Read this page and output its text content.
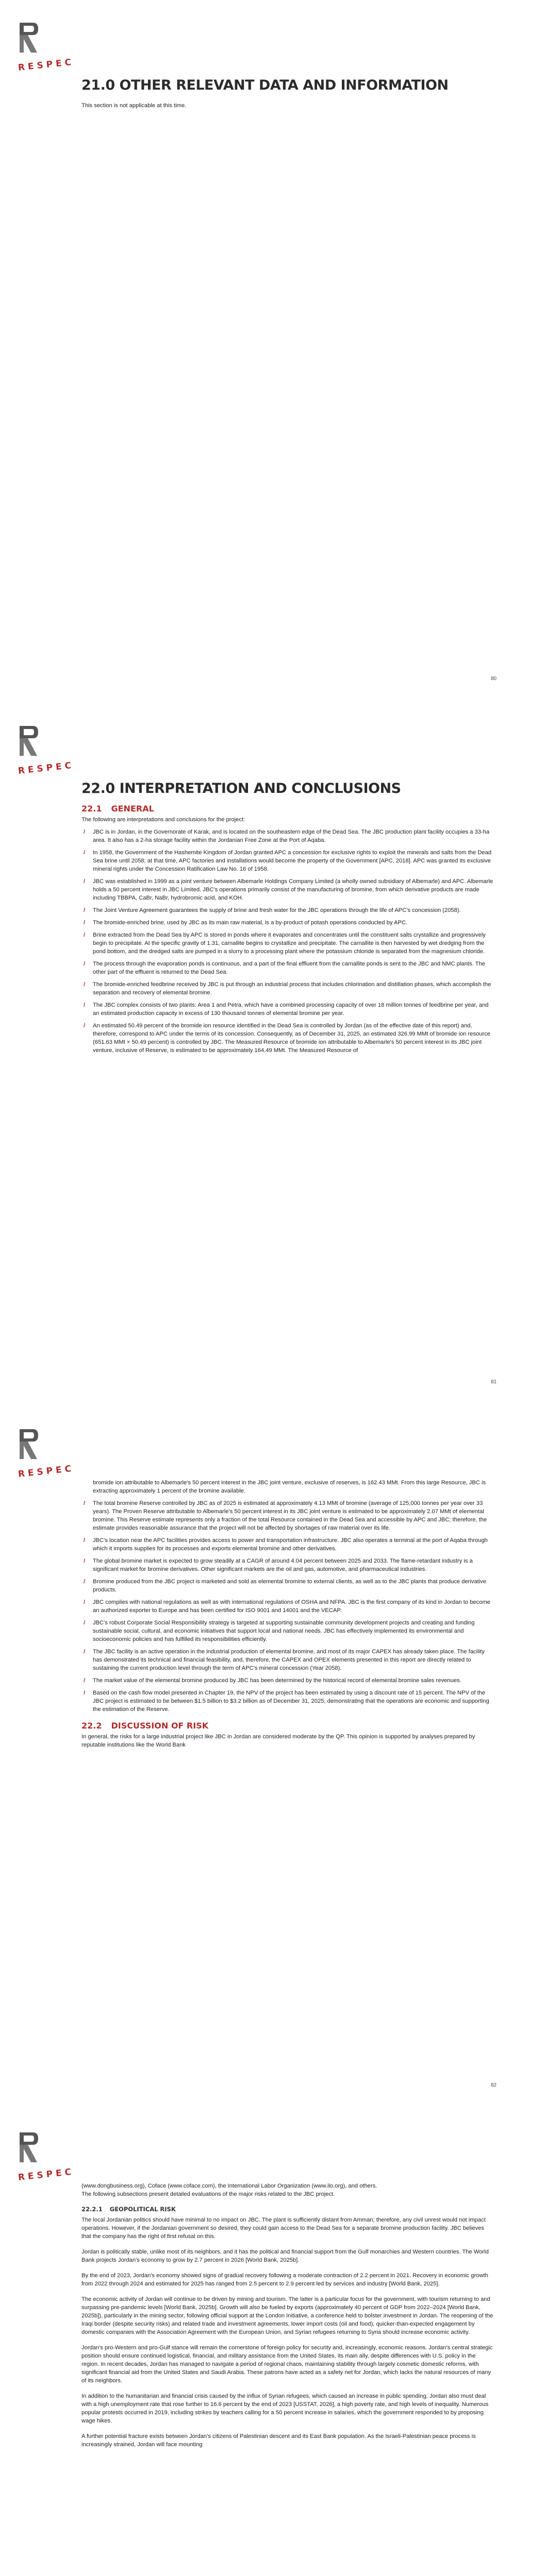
RESPEC
21.0 OTHER RELEVANT DATA AND INFORMATION

This section is not applicable at this time.

80
RESPEC
22.0 INTERPRETATION AND CONCLUSIONS
22.1 GENERAL

The following are interpretations and conclusions for the project:

/ JBC is in Jordan, in the Governorate of Karak, and is located on the southeastern edge of the Dead Sea. The JBC production plant facility occupies a 33-ha area. It also has a 2-ha storage facility within the Jordanian Free Zone at the Port of Aqaba.
/ In 1958, the Government of the Hashemite Kingdom of Jordan granted APC a concession for exclusive rights to exploit the minerals and salts from the Dead Sea brine until 2058; at that time, APC factories and installations would become the property of the Government [APC, 2018]. APC was granted its exclusive mineral rights under the Concession Ratification Law No. 16 of 1958.
/ JBC was established in 1999 as a joint venture between Albemarle Holdings Company Limited (a wholly owned subsidiary of Albemarle) and APC. Albemarle holds a 50 percent interest in JBC Limited. JBC's operations primarily consist of the manufacturing of bromine, from which derivative products are made including TBBPA, CaBr, NaBr, hydrobromic acid, and KOH.
/ The Joint Venture Agreement guarantees the supply of brine and fresh water for the JBC operations through the life of APC's concession (2058).
/ The bromide-enriched brine, used by JBC as its main raw material, is a by-product of potash operations conducted by APC.
/ Brine extracted from the Dead Sea by APC is stored in ponds where it evaporates and concentrates until the constituent salts crystallize and progressively begin to precipitate. At the specific gravity of 1.31, carnallite begins to crystallize and precipitate. The carnallite is then harvested by wet dredging from the pond bottom, and the dredged salts are pumped in a slurry to a processing plant where the potassium chloride is separated from the magnesium chloride.
/ The process through the evaporation ponds is continuous, and a part of the final effluent from the carnallite ponds is sent to the JBC and NMC plants. The other part of the effluent is returned to the Dead Sea.
/ The bromide-enriched feedbrine received by JBC is put through an industrial process that includes chlorination and distillation phases, which accomplish the separation and recovery of elemental bromine.
/ The JBC complex consists of two plants: Area 1 and Petra, which have a combined processing capacity of over 18 million tonnes of feedbrine per year, and an estimated production capacity in excess of 130 thousand tonnes of elemental bromine per year.
/ An estimated 50.49 percent of the bromide ion resource identified in the Dead Sea is controlled by Jordan (as of the effective date of this report) and, therefore, correspond to APC under the terms of its concession. Consequently, as of December 31, 2025, an estimated 326.99 MMt of bromide ion resource (651.63 MMt × 50.49 percent) is controlled by JBC. The Measured Resource of bromide ion attributable to Albemarle's 50 percent interest in its JBC joint venture, inclusive of Reserve, is estimated to be approximately 164.49 MMt. The Measured Resource of
81
RESPEC

bromide ion attributable to Albemarle's 50 percent interest in the JBC joint venture, exclusive of reserves, is 162.43 MMt. From this large Resource, JBC is extracting approximately 1 percent of the bromine available.

/ The total bromine Reserve controlled by JBC as of 2025 is estimated at approximately 4.13 MMt of bromine (average of 125,000 tonnes per year over 33 years). The Proven Reserve attributable to Albemarle's 50 percent interest in its JBC joint venture is estimated to be approximately 2.07 MMt of elemental bromine. This Reserve estimate represents only a fraction of the total Resource contained in the Dead Sea and accessible by APC and JBC; therefore, the estimate provides reasonable assurance that the project will not be affected by shortages of raw material over its life.
/ JBC's location near the APC facilities provides access to power and transportation infrastructure. JBC also operates a terminal at the port of Aqaba through which it imports supplies for its processes and exports elemental bromine and other derivatives.
/ The global bromine market is expected to grow steadily at a CAGR of around 4.04 percent between 2025 and 2033. The flame-retardant industry is a significant market for bromine derivatives. Other significant markets are the oil and gas, automotive, and pharmaceutical industries.
/ Bromine produced from the JBC project is marketed and sold as elemental bromine to external clients, as well as to the JBC plants that produce derivative products.
/ JBC complies with national regulations as well as with international regulations of OSHA and NFPA. JBC is the first company of its kind in Jordan to become an authorized exporter to Europe and has been certified for ISO 9001 and 14001 and the VECAP.
/ JBC's robust Corporate Social Responsibility strategy is targeted at supporting sustainable community development projects and creating and funding sustainable social, cultural, and economic initiatives that support local and national needs. JBC has effectively implemented its environmental and socioeconomic policies and has fulfilled its responsibilities efficiently.
/ The JBC facility is an active operation in the industrial production of elemental bromine, and most of its major CAPEX has already taken place. The facility has demonstrated its technical and financial feasibility, and, therefore, the CAPEX and OPEX elements presented in this report are directly related to sustaining the current production level through the term of APC's mineral concession (Year 2058).
/ The market value of the elemental bromine produced by JBC has been determined by the historical record of elemental bromine sales revenues.
/ Based on the cash flow model presented in Chapter 19, the NPV of the project has been estimated by using a discount rate of 15 percent. The NPV of the JBC project is estimated to be between $1.5 billion to $3.2 billion as of December 31, 2025, demonstrating that the operations are economic and supporting the estimation of the Reserve.
22.2 DISCUSSION OF RISK

In general, the risks for a large industrial project like JBC in Jordan are considered moderate by the QP. This opinion is supported by analyses prepared by reputable institutions like the World Bank

82
RESPEC

(www.dongbusiness.org), Coface (www.coface.com), the International Labor Organization (www.ilo.org), and others.

The following subsections present detailed evaluations of the major risks related to the JBC project.

22.2.1 GEOPOLITICAL RISK

The local Jordanian politics should have minimal to no impact on JBC. The plant is sufficiently distant from Amman; therefore, any civil unrest would not impact operations. However, if the Jordanian government so desired, they could gain access to the Dead Sea for a separate bromine production facility. JBC believes that the company has the right of first refusal on this.

Jordan is politically stable, unlike most of its neighbors, and it has the political and financial support from the Gulf monarchies and Western countries. The World Bank projects Jordan's economy to grow by 2.7 percent in 2026 [World Bank, 2025b].

By the end of 2023, Jordan's economy showed signs of gradual recovery following a moderate contraction of 2.2 percent in 2021. Recovery in economic growth from 2022 through 2024 and estimated for 2025 has ranged from 2.5 percent to 2.9 percent led by services and industry [World Bank, 2025].

The economic activity of Jordan will continue to be driven by mining and tourism. The latter is a particular focus for the government, with tourism returning to and surpassing pre-pandemic levels [World Bank, 2025b]. Growth will also be fueled by exports (approximately 40 percent of GDP from 2022–2024 [World Bank, 2025b]), particularly in the mining sector, following official support at the London Initiative, a conference held to bolster investment in Jordan. The reopening of the Iraqi border (despite security risks) and related trade and investment agreements, lower import costs (oil and food), quicker-than-expected engagement by domestic companies with the Association Agreement with the European Union, and Syrian refugees returning to Syria should increase economic activity.

Jordan's pro-Western and pro-Gulf stance will remain the cornerstone of foreign policy for security and, increasingly, economic reasons. Jordan's central strategic position should ensure continued logistical, financial, and military assistance from the United States, its main ally, despite differences with U.S. policy in the region. In recent decades, Jordan has managed to navigate a period of regional chaos, maintaining stability through largely cosmetic domestic reforms, with significant financial aid from the United States and Saudi Arabia. These patrons have acted as a safety net for Jordan, which lacks the natural resources of many of its neighbors.

In addition to the humanitarian and financial crisis caused by the influx of Syrian refugees, which caused an increase in public spending, Jordan also must deal with a high unemployment rate that rose further to 16.6 percent by the end of 2023 [USSTAT, 2026], a high poverty rate, and high levels of inequality. Numerous popular protests occurred in 2019, including strikes by teachers calling for a 50 percent increase in salaries, which the government responded to by proposing wage hikes.

A further potential fracture exists between Jordan's citizens of Palestinian descent and its East Bank population. As the Israeli-Palestinian peace process is increasingly strained, Jordan will face mounting
